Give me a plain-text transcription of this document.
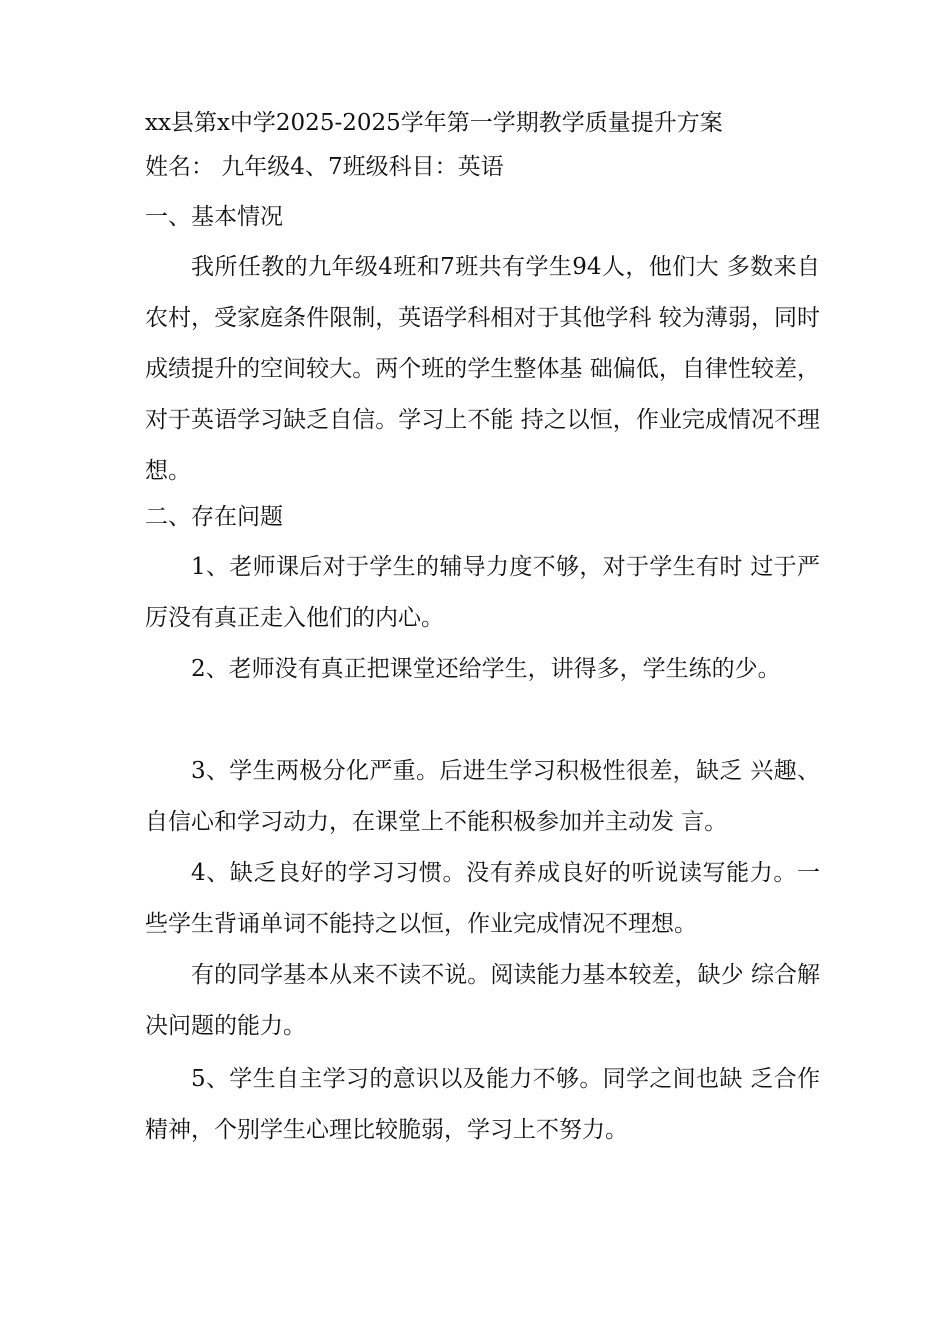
xx县第x中学2025-2025学年第一学期教学质量提升方案
姓名： 九年级4、7班级科目：英语
一、基本情况
我所任教的九年级4班和7班共有学生94人，他们大 多数来自农村，受家庭条件限制，英语学科相对于其他学科 较为薄弱，同时成绩提升的空间较大。两个班的学生整体基 础偏低，自律性较差，对于英语学习缺乏自信。学习上不能 持之以恒，作业完成情况不理想。
二、存在问题
1、老师课后对于学生的辅导力度不够，对于学生有时 过于严厉没有真正走入他们的内心。
2、老师没有真正把课堂还给学生，讲得多，学生练的少。
3、学生两极分化严重。后进生学习积极性很差，缺乏 兴趣、自信心和学习动力，在课堂上不能积极参加并主动发 言。
4、缺乏良好的学习习惯。没有养成良好的听说读写能力。一些学生背诵单词不能持之以恒，作业完成情况不理想。
有的同学基本从来不读不说。阅读能力基本较差，缺少 综合解决问题的能力。
5、学生自主学习的意识以及能力不够。同学之间也缺 乏合作精神，个别学生心理比较脆弱，学习上不努力。
